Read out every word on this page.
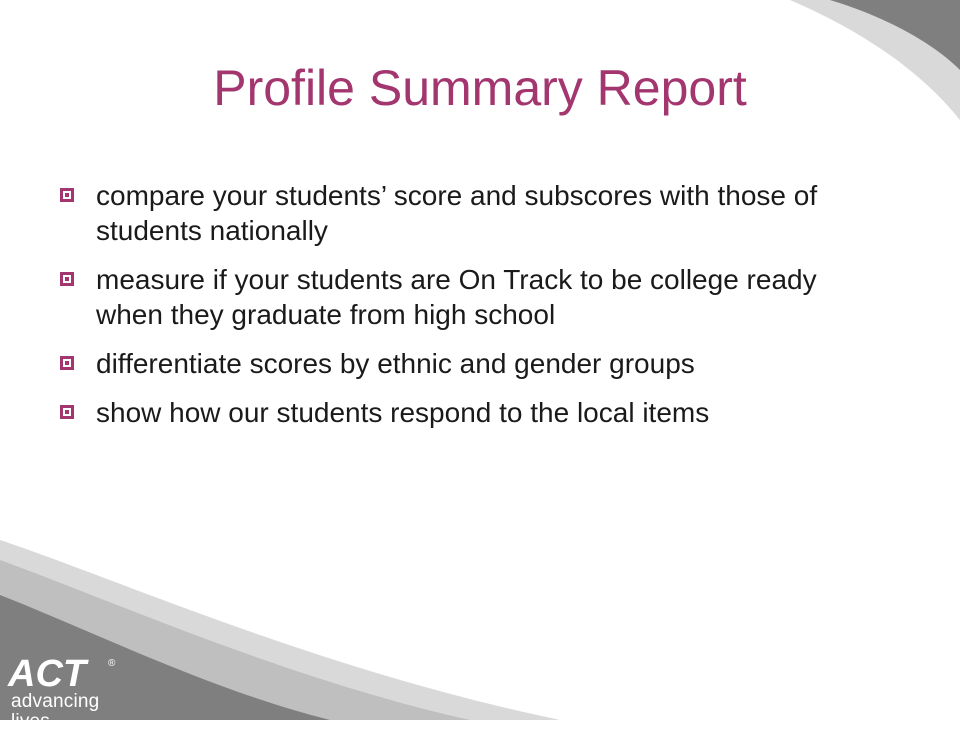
Profile Summary Report
compare your students’ score and subscores with those of students nationally
measure if your students are On Track to be college ready when they graduate from high school
differentiate scores by ethnic and gender groups
show how our students respond to the local items
ACT ®
advancing lives
